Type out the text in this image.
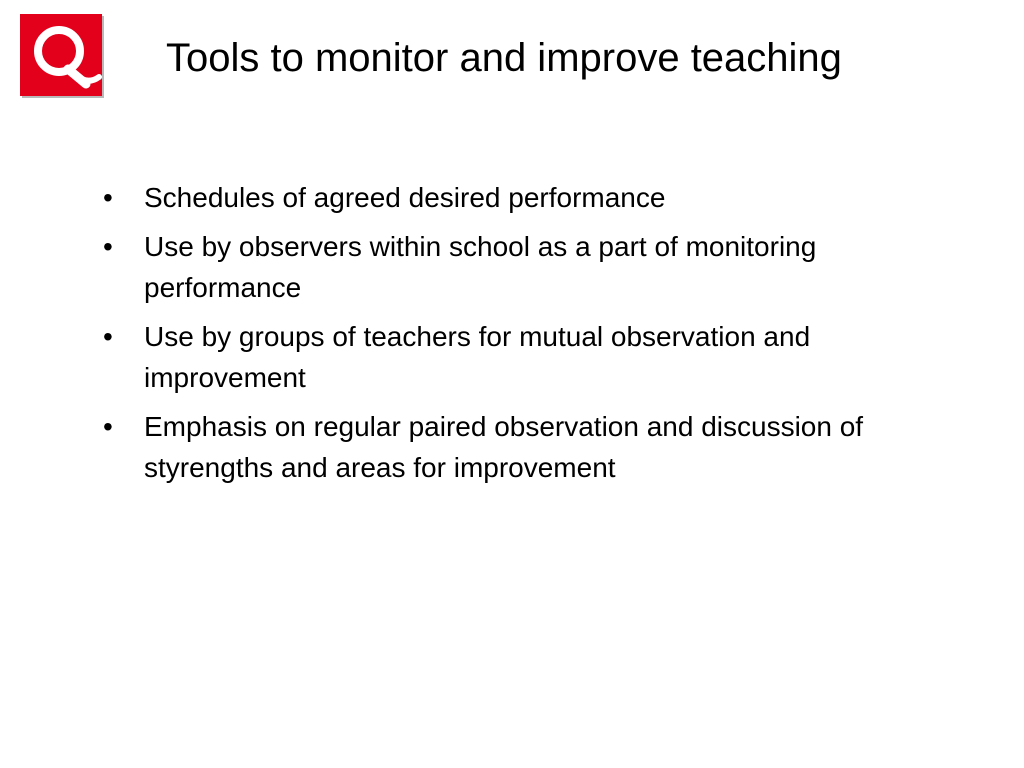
Tools to monitor and improve teaching
• Schedules of agreed desired performance
• Use by observers within school as a part of monitoring performance
• Use by groups of teachers for mutual observation and improvement
• Emphasis on regular paired observation and discussion of styrengths and areas for improvement
